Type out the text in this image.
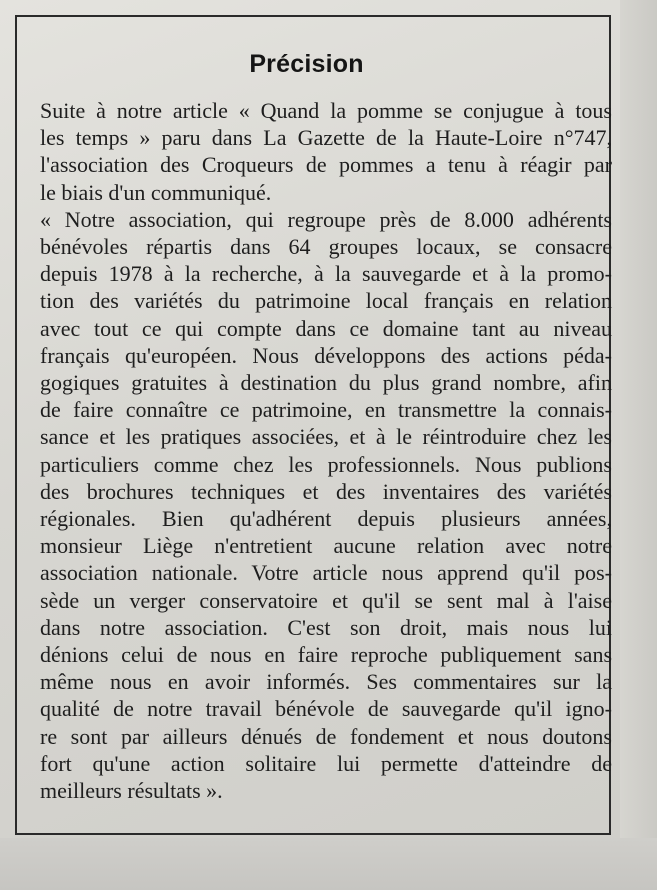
Précision
Suite à notre article « Quand la pomme se conjugue à tous
les temps » paru dans La Gazette de la Haute-Loire n°747,
l'association des Croqueurs de pommes a tenu à réagir par
le biais d'un communiqué.
« Notre association, qui regroupe près de 8.000 adhérents
bénévoles répartis dans 64 groupes locaux, se consacre
depuis 1978 à la recherche, à la sauvegarde et à la promo-
tion des variétés du patrimoine local français en relation
avec tout ce qui compte dans ce domaine tant au niveau
français qu'européen. Nous développons des actions péda-
gogiques gratuites à destination du plus grand nombre, afin
de faire connaître ce patrimoine, en transmettre la connais-
sance et les pratiques associées, et à le réintroduire chez les
particuliers comme chez les professionnels. Nous publions
des brochures techniques et des inventaires des variétés
régionales. Bien qu'adhérent depuis plusieurs années,
monsieur Liège n'entretient aucune relation avec notre
association nationale. Votre article nous apprend qu'il pos-
sède un verger conservatoire et qu'il se sent mal à l'aise
dans notre association. C'est son droit, mais nous lui
dénions celui de nous en faire reproche publiquement sans
même nous en avoir informés. Ses commentaires sur la
qualité de notre travail bénévole de sauvegarde qu'il igno-
re sont par ailleurs dénués de fondement et nous doutons
fort qu'une action solitaire lui permette d'atteindre de
meilleurs résultats ».
